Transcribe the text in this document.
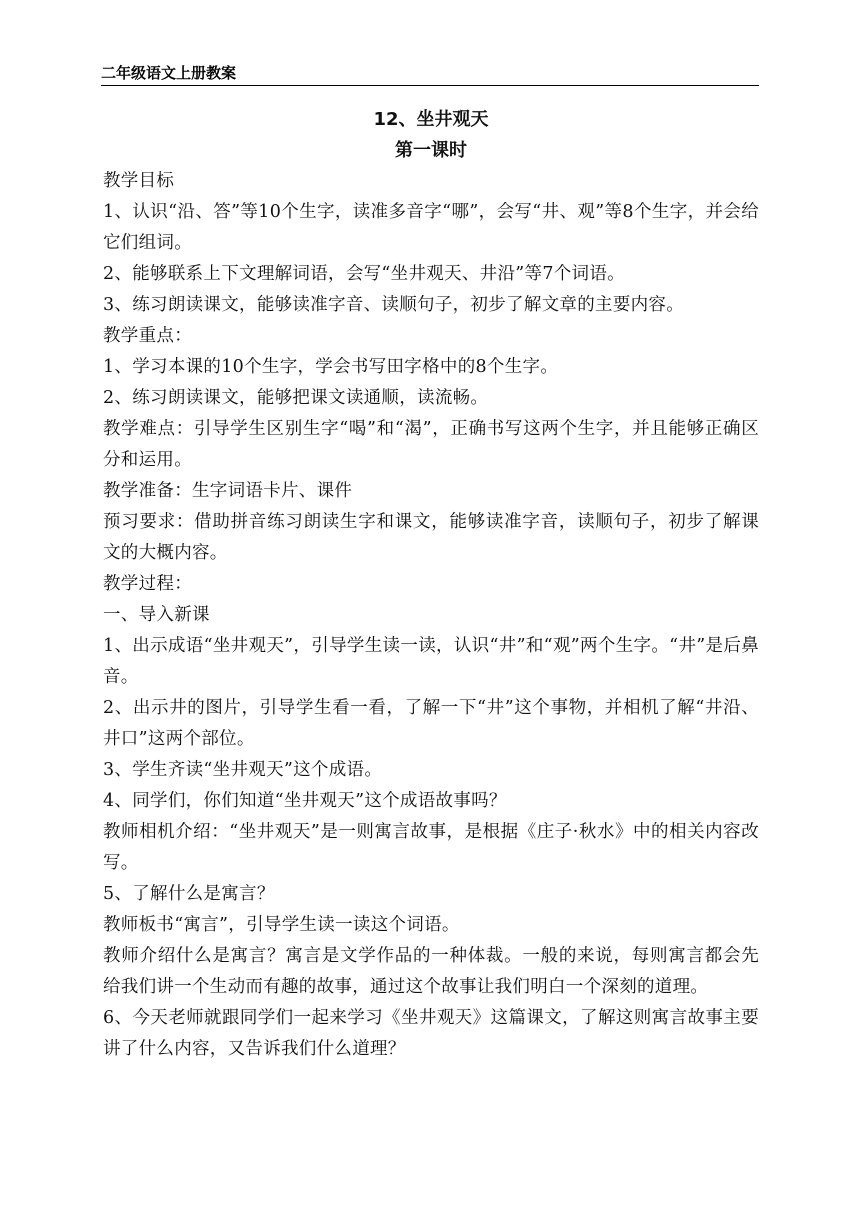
二年级语文上册教案

12、坐井观天

第一课时

教学目标

1、认识“沿、答”等10个生字，读准多音字“哪”，会写“井、观”等8个生字，并会给它们组词。

2、能够联系上下文理解词语，会写“坐井观天、井沿”等7个词语。

3、练习朗读课文，能够读准字音、读顺句子，初步了解文章的主要内容。

教学重点：

1、学习本课的10个生字，学会书写田字格中的8个生字。

2、练习朗读课文，能够把课文读通顺，读流畅。

教学难点：引导学生区别生字“喝”和“渴”，正确书写这两个生字，并且能够正确区分和运用。

教学准备：生字词语卡片、课件

预习要求：借助拼音练习朗读生字和课文，能够读准字音，读顺句子，初步了解课文的大概内容。

教学过程：

一、导入新课

1、出示成语“坐井观天”，引导学生读一读，认识“井”和“观”两个生字。“井”是后鼻音。

2、出示井的图片，引导学生看一看，了解一下“井”这个事物，并相机了解“井沿、井口”这两个部位。

3、学生齐读“坐井观天”这个成语。

4、同学们，你们知道“坐井观天”这个成语故事吗？

教师相机介绍：“坐井观天”是一则寓言故事，是根据《庄子·秋水》中的相关内容改写。

5、了解什么是寓言？

教师板书“寓言”，引导学生读一读这个词语。

教师介绍什么是寓言？寓言是文学作品的一种体裁。一般的来说，每则寓言都会先给我们讲一个生动而有趣的故事，通过这个故事让我们明白一个深刻的道理。

6、今天老师就跟同学们一起来学习《坐井观天》这篇课文，了解这则寓言故事主要讲了什么内容，又告诉我们什么道理？
